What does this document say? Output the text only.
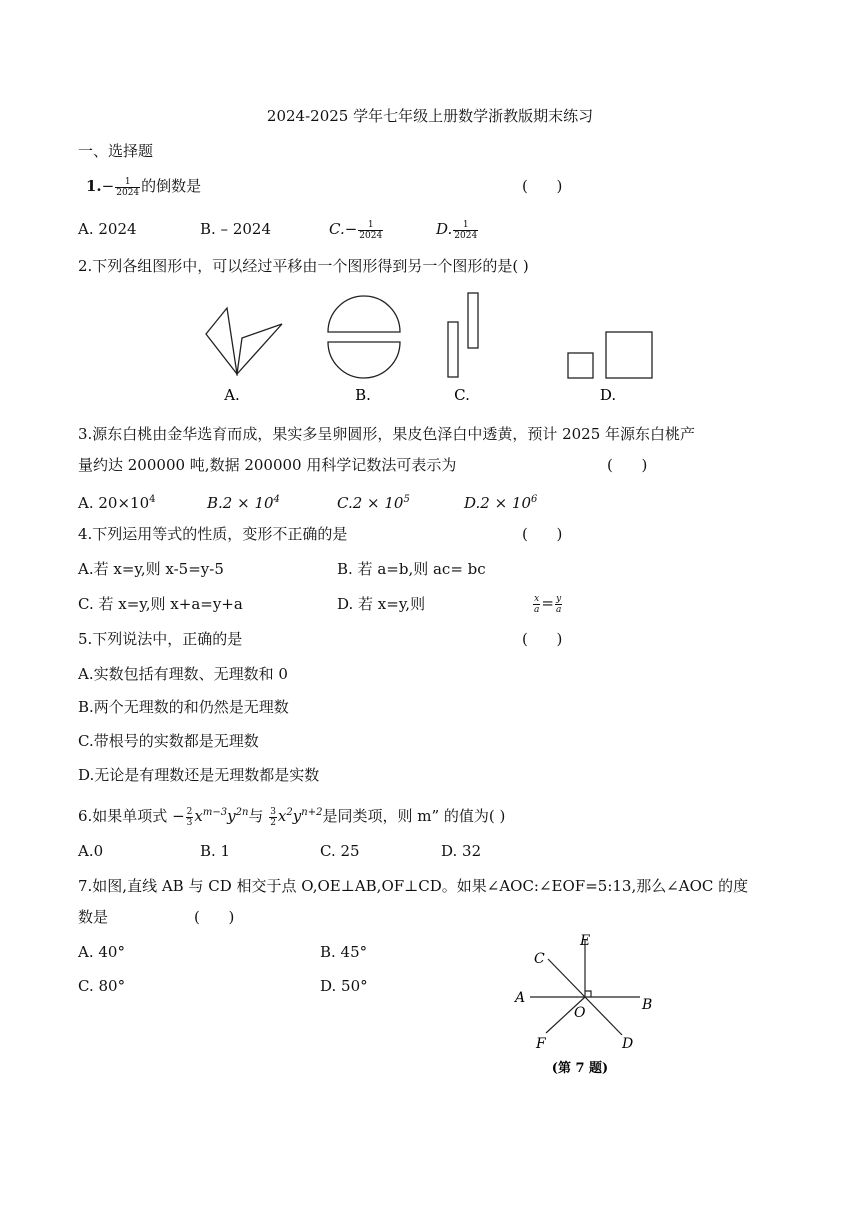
2024-2025 学年七年级上册数学浙教版期末练习
一、选择题
$1.- \frac{1}{2024}$ 的倒数是	(      )
A. 2024	B. – 2024	$C.- \frac{1}{2024}$	D. $\frac{1}{2024}$
2.下列各组图形中，可以经过平移由一个图形得到另一个图形的是( )
A.	B.	C.	D.
3.源东白桃由金华选育而成，果实多呈卵圆形，果皮色泽白中透黄，预计 2025 年源东白桃产
量约达 200000 吨,数据 200000 用科学记数法可表示为	(      )
A. $20\times 10^4$	$B.2 \times 10^4$	$C.2 \times 10^5$	$D.2 \times 10^6$
4.下列运用等式的性质，变形不正确的是	(      )
A.若 x=y,则 x-5=y-5	B. 若 a=b,则 ac= bc
C. 若 x=y,则 x+a=y+a	D. 若 x=y,则	$\frac{x}{a} = \frac{y}{a}$
5.下列说法中，正确的是	(      )
A.实数包括有理数、无理数和 0
B.两个无理数的和仍然是无理数
C.带根号的实数都是无理数
D.无论是有理数还是无理数都是实数
6.如果单项式 − $\frac{2}{3} x^{m-3}y^{2n}$与 $\frac{3}{2} x^2y^{n+2}$是同类项，则 m” 的值为( )
A.0	B. 1	C. 25	D. 32
7.如图,直线 AB 与 CD 相交于点 O,OE⊥AB,OF⊥CD。如果∠AOC:∠EOF=5:13,那么∠AOC 的度
数是	(      )
A. 40°	B. 45°
C. 80°	D. 50°
E
C
A	B
O
F	D
(第 7 题)
